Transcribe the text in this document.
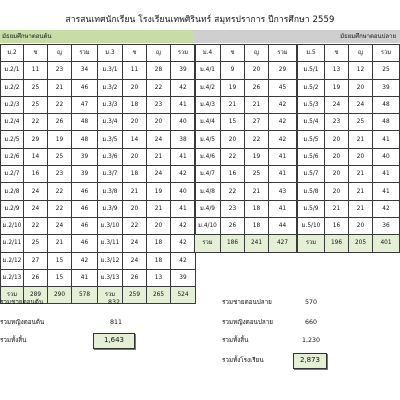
สารสนเทศนักเรียน โรงเรียนเทพศิรินทร์ สมุทรปราการ ปีการศึกษา 2559
มัธยมศึกษาตอนต้น	มัธยมศึกษาตอนปลาย
ม.2	ช	ญ	รวม
ม.2/1	11	23	34
ม.2/2	25	21	46
ม.2/3	25	22	47
ม.2/4	22	26	48
ม.2/5	29	19	48
ม.2/6	14	25	39
ม.2/7	16	23	39
ม.2/8	24	22	46
ม.2/9	24	22	46
ม.2/10	22	24	46
ม.2/11	25	21	46
ม.2/12	27	15	42
ม.2/13	26	15	41
รวม	289	290	578
ม.3	ช	ญ	รวม
ม.3/1	11	28	39
ม.3/2	20	22	42
ม.3/3	18	23	41
ม.3/4	20	20	40
ม.3/5	14	24	38
ม.3/6	20	21	41
ม.3/7	18	24	42
ม.3/8	21	19	40
ม.3/9	20	21	41
ม.3/10	22	20	42
ม.3/11	24	18	42
ม.3/12	24	18	42
ม.3/13	26	13	39
รวม	259	265	524
ม.4	ช	ญ	รวม
ม.4/1	9	20	29
ม.4/2	19	26	45
ม.4/3	21	21	42
ม.4/4	15	27	42
ม.4/5	20	22	42
ม.4/6	22	19	41
ม.4/7	16	25	41
ม.4/8	22	21	43
ม.4/9	23	18	41
ม.4/10	26	18	44
รวม	186	241	427
ม.5	ช	ญ	รวม
ม.5/1	13	12	25
ม.5/2	19	20	39
ม.5/3	24	24	48
ม.5/4	23	25	48
ม.5/5	20	21	41
ม.5/6	20	20	40
ม.5/7	20	21	41
ม.5/8	20	21	41
ม.5/9	21	21	42
ม.5/10	16	20	36
รวม	196	205	401
รวมชายตอนต้น	832
รวมหญิงตอนต้น	811
รวมทั้งสิ้น	1,643
รวมชายตอนปลาย	570
รวมหญิงตอนปลาย	660
รวมทั้งสิ้น	1,230
รวมทั้งโรงเรียน	2,873
